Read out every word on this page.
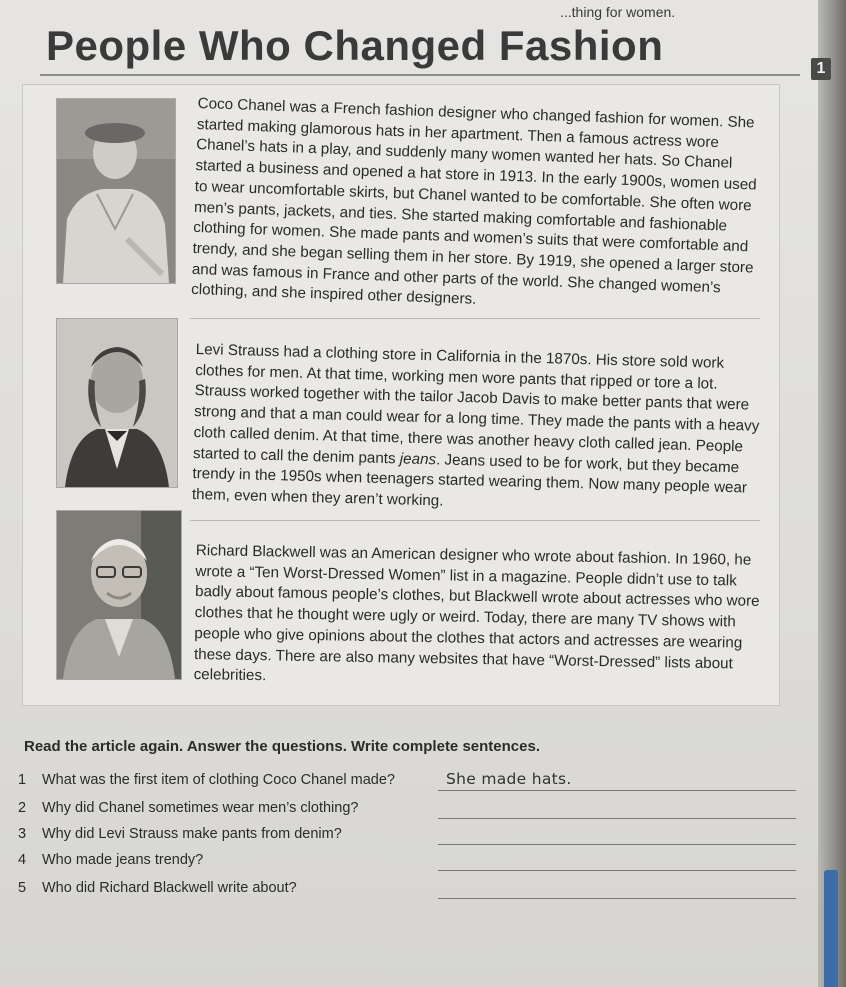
...thing for women.
People Who Changed Fashion	1

Coco Chanel was a French fashion designer who changed fashion for women. She started making glamorous hats in her apartment. Then a famous actress wore Chanel’s hats in a play, and suddenly many women wanted her hats. So Chanel started a business and opened a hat store in 1913. In the early 1900s, women used to wear uncomfortable skirts, but Chanel wanted to be comfortable. She often wore men’s pants, jackets, and ties. She started making comfortable and fashionable clothing for women. She made pants and women’s suits that were comfortable and trendy, and she began selling them in her store. By 1919, she opened a larger store and was famous in France and other parts of the world. She changed women’s clothing, and she inspired other designers.

Levi Strauss had a clothing store in California in the 1870s. His store sold work clothes for men. At that time, working men wore pants that ripped or tore a lot. Strauss worked together with the tailor Jacob Davis to make better pants that were strong and that a man could wear for a long time. They made the pants with a heavy cloth called denim. At that time, there was another heavy cloth called jean. People started to call the denim pants jeans. Jeans used to be for work, but they became trendy in the 1950s when teenagers started wearing them. Now many people wear them, even when they aren’t working.

Richard Blackwell was an American designer who wrote about fashion. In 1960, he wrote a “Ten Worst-Dressed Women” list in a magazine. People didn’t use to talk badly about famous people’s clothes, but Blackwell wrote about actresses who wore clothes that he thought were ugly or weird. Today, there are many TV shows with people who give opinions about the clothes that actors and actresses are wearing these days. There are also many websites that have “Worst-Dressed” lists about celebrities.

Read the article again. Answer the questions. Write complete sentences.
1 What was the first item of clothing Coco Chanel made?	She made hats.
2 Why did Chanel sometimes wear men’s clothing?
3 Why did Levi Strauss make pants from denim?
4 Who made jeans trendy?
5 Who did Richard Blackwell write about?
